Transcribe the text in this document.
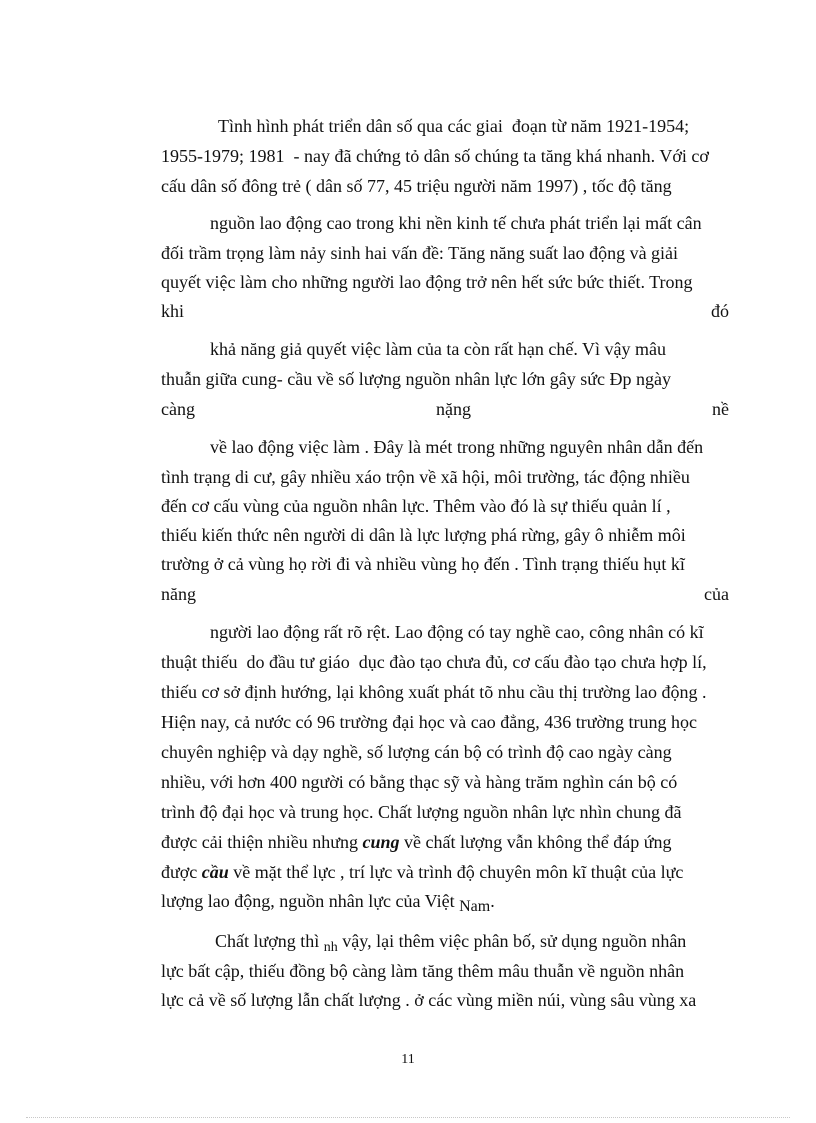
Tình hình phát triển dân số qua các giai  đoạn từ năm 1921-1954;
1955-1979; 1981  - nay đã chứng tỏ dân số chúng ta tăng khá nhanh. Với cơ
cấu dân số đông trẻ ( dân số 77, 45 triệu người năm 1997) , tốc độ tăng
nguồn lao động cao trong khi nền kinh tế chưa phát triển lại mất cân
đối trầm trọng làm nảy sinh hai vấn đề: Tăng năng suất lao động và giải
quyết việc làm cho những người lao động trở nên hết sức bức thiết. Trong
khi	đó
khả năng giả quyết việc làm của ta còn rất hạn chế. Vì vậy mâu
thuẫn giữa cung- cầu về số lượng nguồn nhân lực lớn gây sức Đp ngày
càng	nặng	nề
về lao động việc làm . Đây là mét trong những nguyên nhân dẫn đến
tình trạng di cư, gây nhiều xáo trộn về xã hội, môi trường, tác động nhiều
đến cơ cấu vùng của nguồn nhân lực. Thêm vào đó là sự thiếu quản lí ,
thiếu kiến thức nên người di dân là lực lượng phá rừng, gây ô nhiễm môi
trường ở cả vùng họ rời đi và nhiều vùng họ đến . Tình trạng thiếu hụt kĩ
năng	của
người lao động rất rõ rệt. Lao động có tay nghề cao, công nhân có kĩ
thuật thiếu  do đầu tư giáo  dục đào tạo chưa đủ, cơ cấu đào tạo chưa hợp lí,
thiếu cơ sở định hướng, lại không xuất phát tõ nhu cầu thị trường lao động .
Hiện nay, cả nước có 96 trường đại học và cao đẳng, 436 trường trung học
chuyên nghiệp và dạy nghề, số lượng cán bộ có trình độ cao ngày càng
nhiều, với hơn 400 người có bằng thạc sỹ và hàng trăm nghìn cán bộ có
trình độ đại học và trung học. Chất lượng nguồn nhân lực nhìn chung đã
được cải thiện nhiều nhưng cung về chất lượng vẫn không thể đáp ứng
được cầu về mặt thể lực , trí lực và trình độ chuyên môn kĩ thuật của lực
lượng lao động, nguồn nhân lực của Việt Nam.
Chất lượng thì $_{nh}$ vậy, lại thêm việc phân bố, sử dụng nguồn nhân
lực bất cập, thiếu đồng bộ càng làm tăng thêm mâu thuẫn về nguồn nhân
lực cả về số lượng lẫn chất lượng . ở các vùng miền núi, vùng sâu vùng xa
11
